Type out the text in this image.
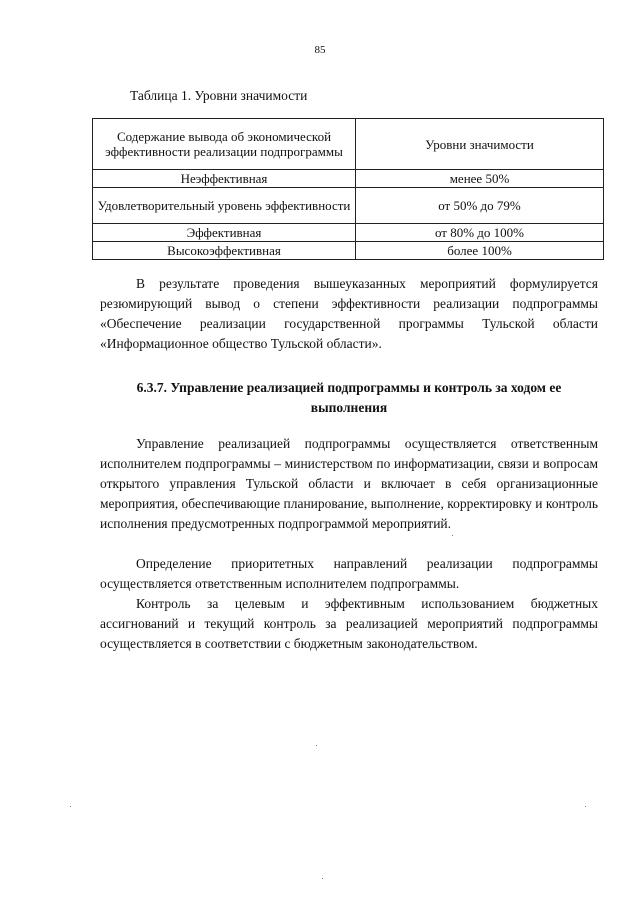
85
Таблица 1. Уровни значимости
Содержание вывода об экономической эффективности реализации подпрограммы	Уровни значимости
Неэффективная	менее 50%
Удовлетворительный уровень эффективности	от 50% до 79%
Эффективная	от 80% до 100%
Высокоэффективная	более 100%

В результате проведения вышеуказанных мероприятий формулируется резюмирующий вывод о степени эффективности реализации подпрограммы «Обеспечение реализации государственной программы Тульской области «Информационное общество Тульской области».

6.3.7. Управление реализацией подпрограммы и контроль за ходом ее выполнения

Управление реализацией подпрограммы осуществляется ответственным исполнителем подпрограммы – министерством по информатизации, связи и вопросам открытого управления Тульской области и включает в себя организационные мероприятия, обеспечивающие планирование, выполнение, корректировку и контроль исполнения предусмотренных подпрограммой мероприятий.

Определение приоритетных направлений реализации подпрограммы осуществляется ответственным исполнителем подпрограммы.

Контроль за целевым и эффективным использованием бюджетных ассигнований и текущий контроль за реализацией мероприятий подпрограммы осуществляется в соответствии с бюджетным законодательством.
